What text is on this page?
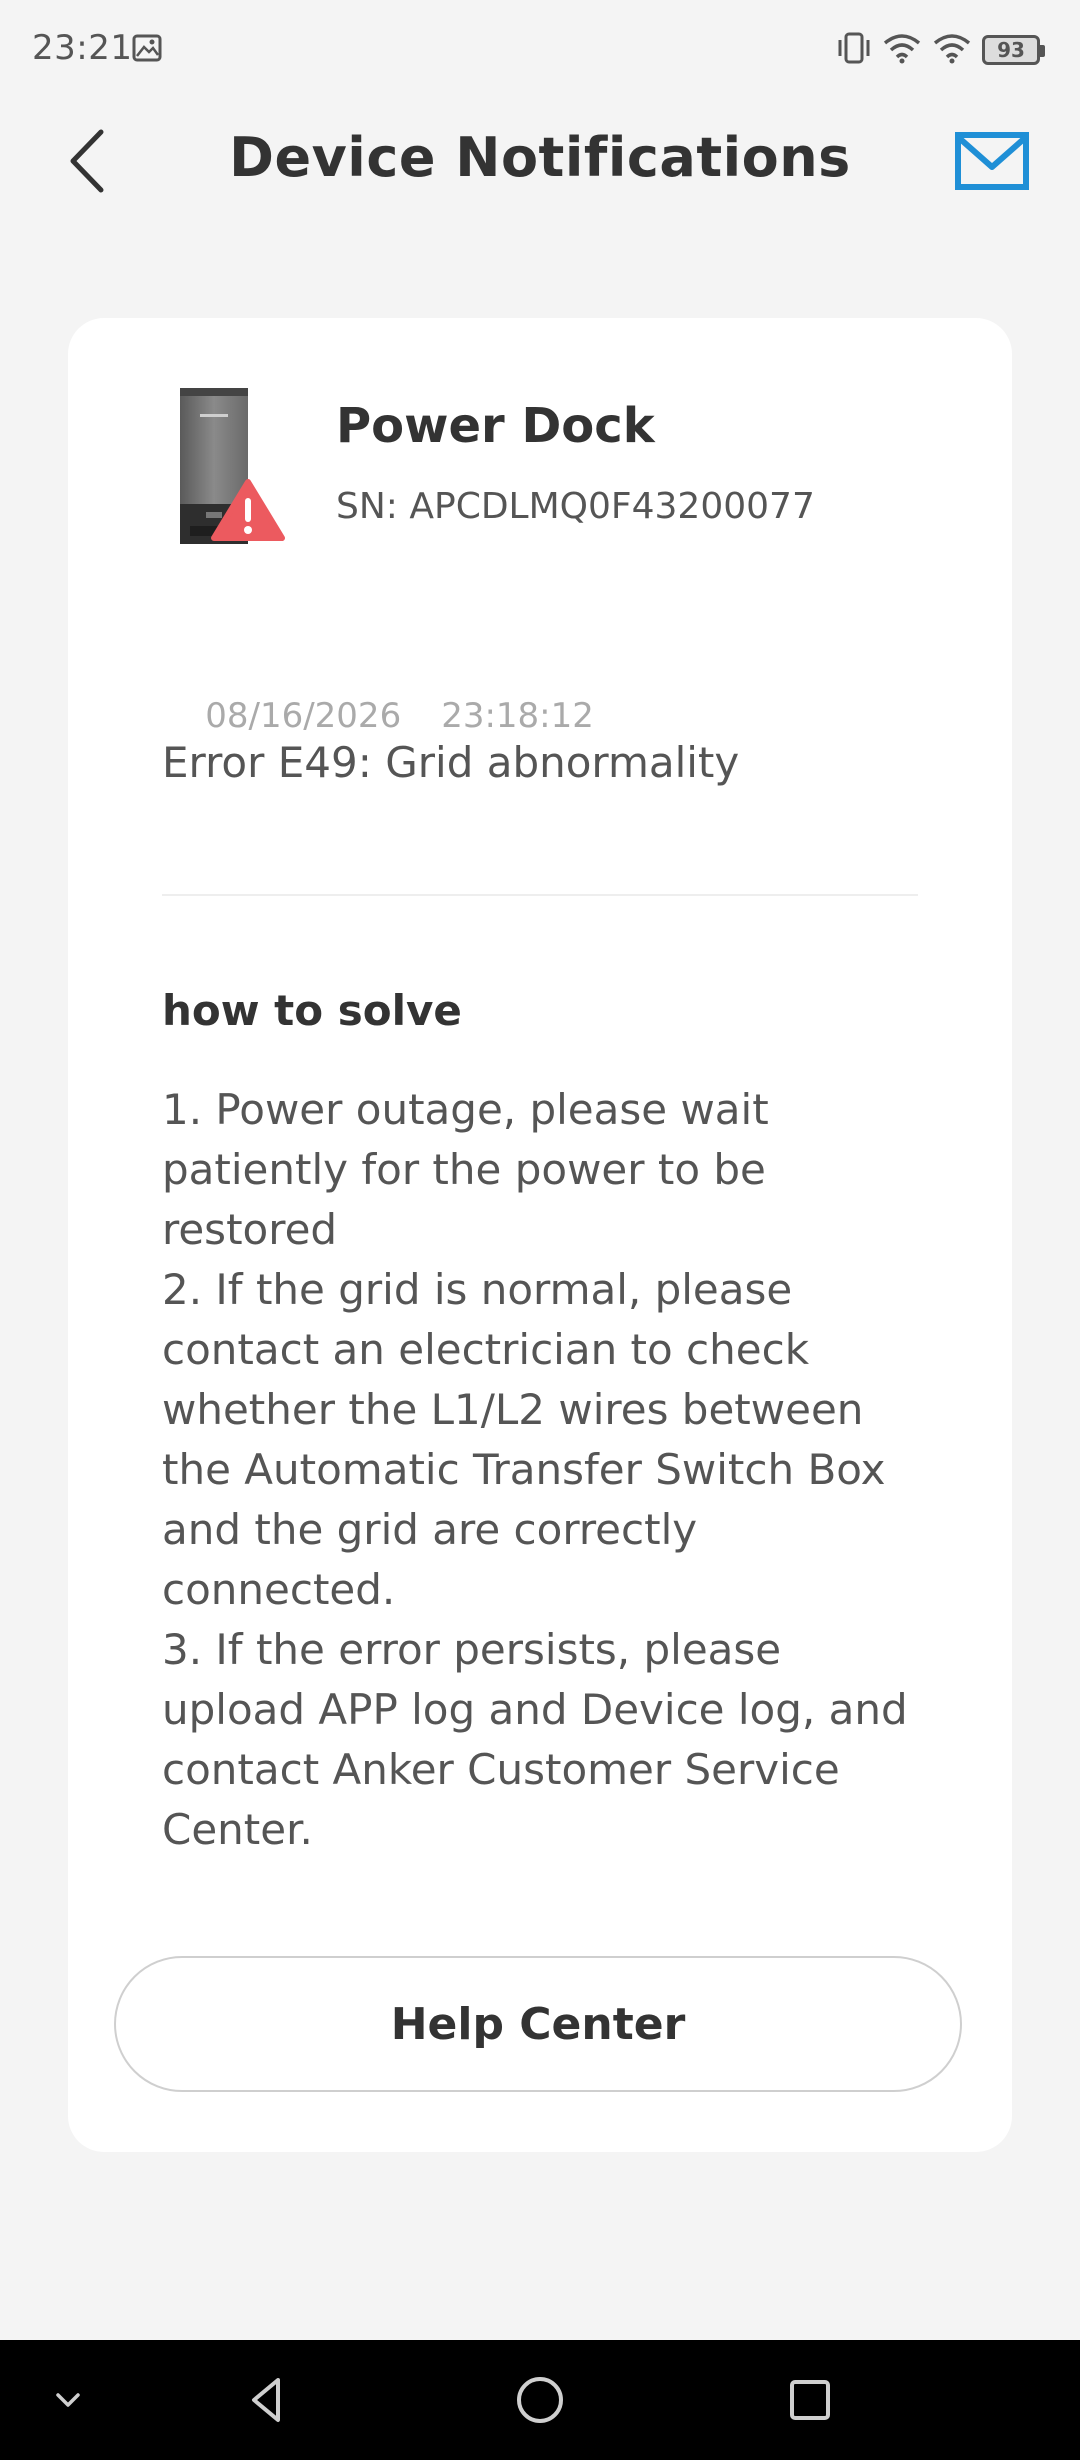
23:21	93
Device Notifications
Power Dock
SN: APCDLMQ0F43200077

08/16/2026 23:18:12

Error E49: Grid abnormality
how to solve

1. Power outage, please wait patiently for the power to be restored

2. If the grid is normal, please contact an electrician to check whether the L1/L2 wires between the Automatic Transfer Switch Box and the grid are correctly connected.

3. If the error persists, please upload APP log and Device log, and contact Anker Customer Service Center.

Help Center
